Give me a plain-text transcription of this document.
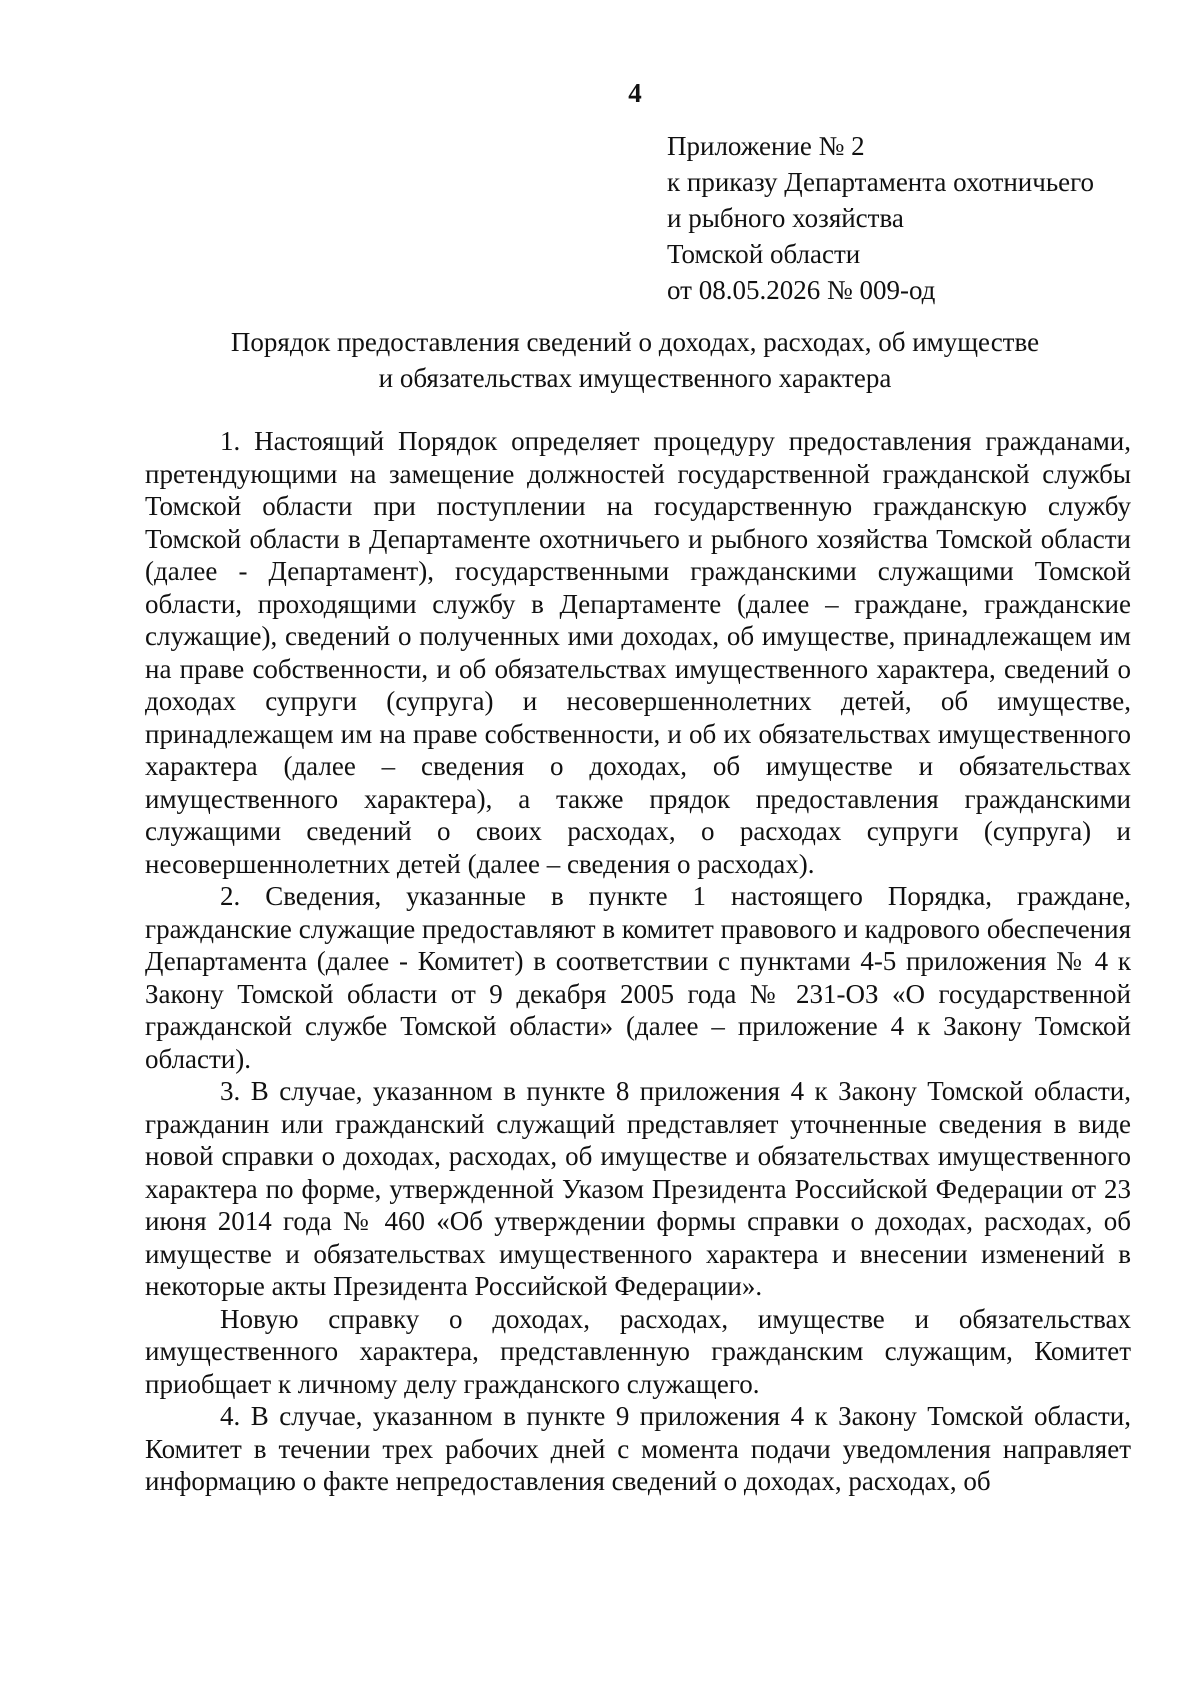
4
Приложение № 2
к приказу Департамента охотничьего
и рыбного хозяйства
Томской области
от 08.05.2026 № 009-од
Порядок предоставления сведений о доходах, расходах, об имуществе
и обязательствах имущественного характера

1. Настоящий Порядок определяет процедуру предоставления гражданами, претендующими на замещение должностей государственной гражданской службы Томской области при поступлении на государственную гражданскую службу Томской области в Департаменте охотничьего и рыбного хозяйства Томской области (далее - Департамент), государственными гражданскими служащими Томской области, проходящими службу в Департаменте (далее – граждане, гражданские служащие), сведений о полученных ими доходах, об имуществе, принадлежащем им на праве собственности, и об обязательствах имущественного характера, сведений о доходах супруги (супруга) и несовершеннолетних детей, об имуществе, принадлежащем им на праве собственности, и об их обязательствах имущественного характера (далее – сведения о доходах, об имуществе и обязательствах имущественного характера), а также прядок предоставления гражданскими служащими сведений о своих расходах, о расходах супруги (супруга) и несовершеннолетних детей (далее – сведения о расходах).

2. Сведения, указанные в пункте 1 настоящего Порядка, граждане, гражданские служащие предоставляют в комитет правового и кадрового обеспечения Департамента (далее - Комитет) в соответствии с пунктами 4-5 приложения № 4 к Закону Томской области от 9 декабря 2005 года № 231-ОЗ «О государственной гражданской службе Томской области» (далее – приложение 4 к Закону Томской области).

3. В случае, указанном в пункте 8 приложения 4 к Закону Томской области, гражданин или гражданский служащий представляет уточненные сведения в виде новой справки о доходах, расходах, об имуществе и обязательствах имущественного характера по форме, утвержденной Указом Президента Российской Федерации от 23 июня 2014 года № 460 «Об утверждении формы справки о доходах, расходах, об имуществе и обязательствах имущественного характера и внесении изменений в некоторые акты Президента Российской Федерации».

Новую справку о доходах, расходах, имуществе и обязательствах имущественного характера, представленную гражданским служащим, Комитет приобщает к личному делу гражданского служащего.

4. В случае, указанном в пункте 9 приложения 4 к Закону Томской области, Комитет в течении трех рабочих дней с момента подачи уведомления направляет информацию о факте непредоставления сведений о доходах, расходах, об
